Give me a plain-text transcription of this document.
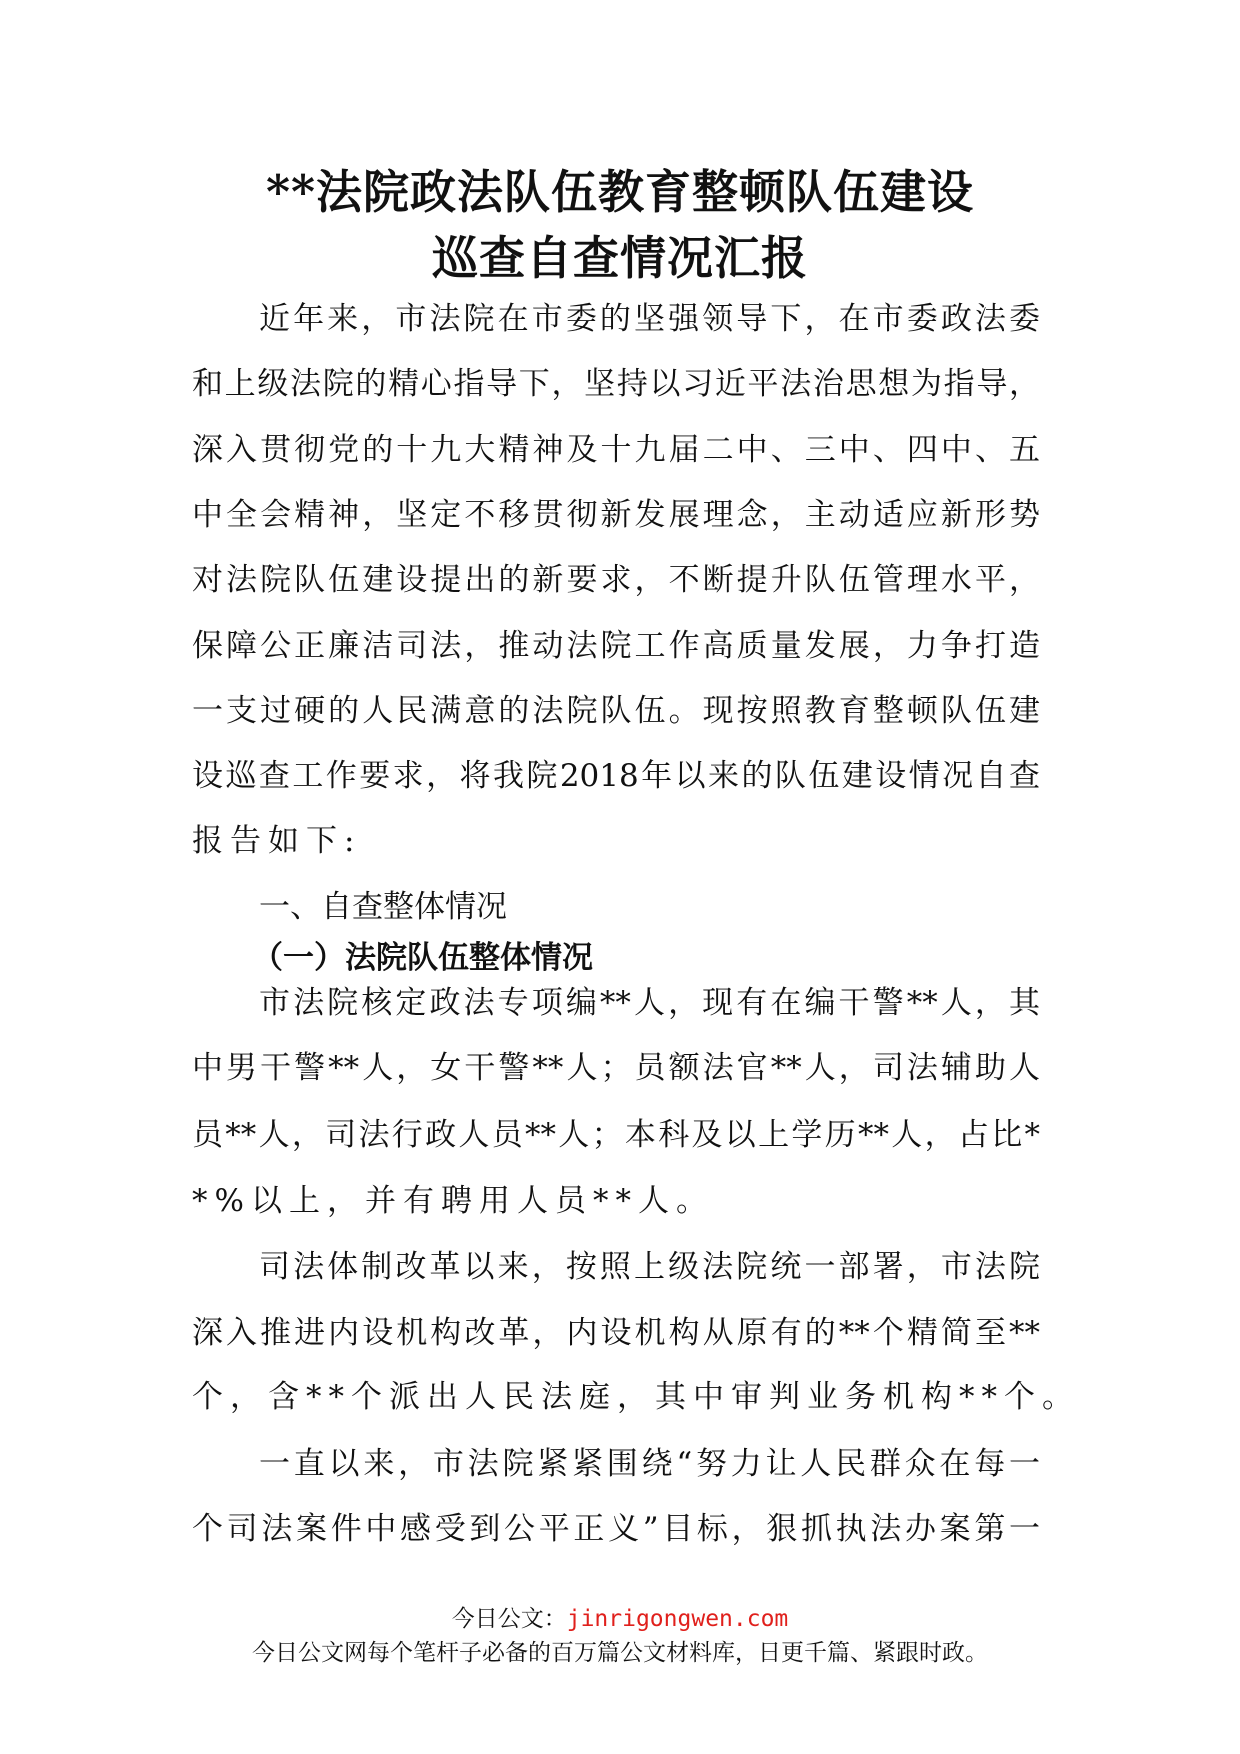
**法院政法队伍教育整顿队伍建设
巡查自查情况汇报
近年来，市法院在市委的坚强领导下，在市委政法委
和上级法院的精心指导下，坚持以习近平法治思想为指导，
深入贯彻党的十九大精神及十九届二中、三中、四中、五
中全会精神，坚定不移贯彻新发展理念，主动适应新形势
对法院队伍建设提出的新要求，不断提升队伍管理水平，
保障公正廉洁司法，推动法院工作高质量发展，力争打造
一支过硬的人民满意的法院队伍。现按照教育整顿队伍建
设巡查工作要求，将我院2018年以来的队伍建设情况自查
报告如下:
一、自查整体情况
（一）法院队伍整体情况
市法院核定政法专项编**人，现有在编干警**人，其
中男干警**人，女干警**人；员额法官**人，司法辅助人
员**人，司法行政人员**人；本科及以上学历**人，占比*
*%以上，并有聘用人员**人。
司法体制改革以来，按照上级法院统一部署，市法院
深入推进内设机构改革，内设机构从原有的**个精简至**
个，含**个派出人民法庭，其中审判业务机构**个。
一直以来，市法院紧紧围绕“努力让人民群众在每一
个司法案件中感受到公平正义”目标，狠抓执法办案第一
今日公文：jinrigongwen.com
今日公文网每个笔杆子必备的百万篇公文材料库，日更千篇、紧跟时政。
